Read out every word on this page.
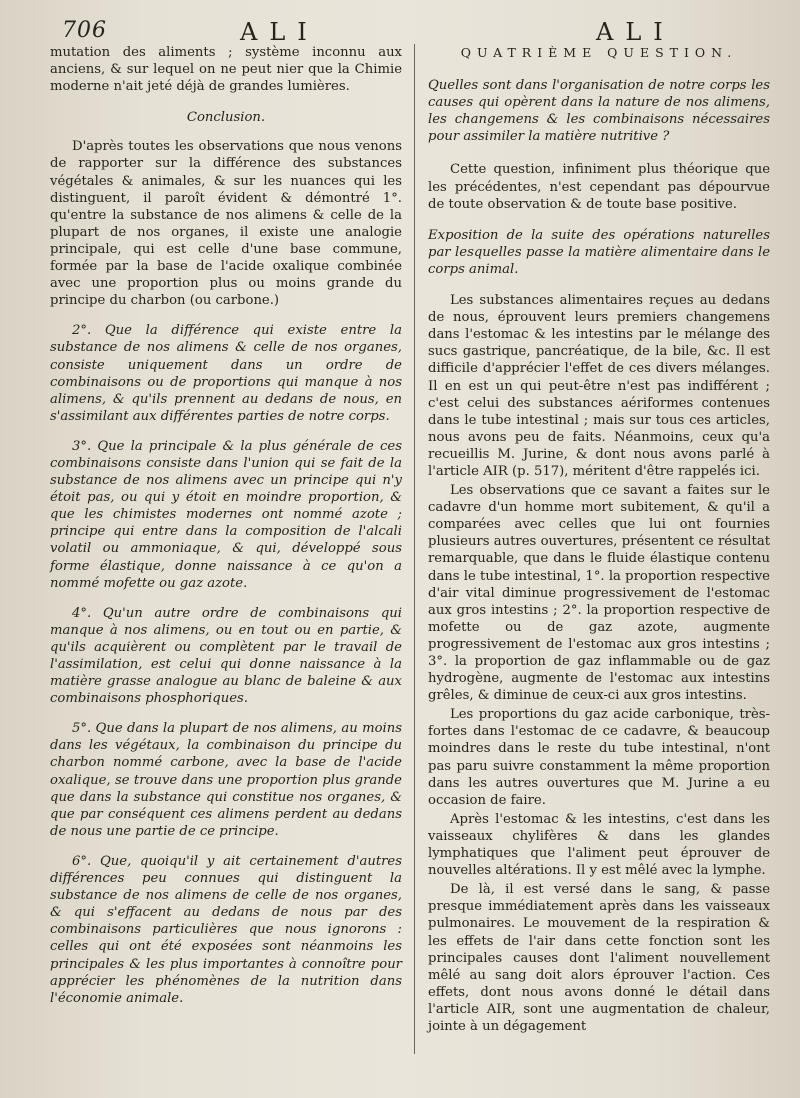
706	ALI	ALI

mutation des aliments ; système inconnu aux anciens, & sur lequel on ne peut nier que la Chimie moderne n'ait jeté déjà de grandes lumières.

Conclusion.

D'après toutes les observations que nous venons de rapporter sur la différence des substances végétales & animales, & sur les nuances qui les distinguent, il paroît évident & démontré 1°. qu'entre la substance de nos alimens & celle de la plupart de nos organes, il existe une analogie principale, qui est celle d'une base commune, formée par la base de l'acide oxalique combinée avec une proportion plus ou moins grande du principe du charbon (ou carbone.)

2°. Que la différence qui existe entre la substance de nos alimens & celle de nos organes, consiste uniquement dans un ordre de combinaisons ou de proportions qui manque à nos alimens, & qu'ils prennent au dedans de nous, en s'assimilant aux différentes parties de notre corps.

3°. Que la principale & la plus générale de ces combinaisons consiste dans l'union qui se fait de la substance de nos alimens avec un principe qui n'y étoit pas, ou qui y étoit en moindre proportion, & que les chimistes modernes ont nommé azote ; principe qui entre dans la composition de l'alcali volatil ou ammoniaque, & qui, développé sous forme élastique, donne naissance à ce qu'on a nommé mofette ou gaz azote.

4°. Qu'un autre ordre de combinaisons qui manque à nos alimens, ou en tout ou en partie, & qu'ils acquièrent ou complètent par le travail de l'assimilation, est celui qui donne naissance à la matière grasse analogue au blanc de baleine & aux combinaisons phosphoriques.

5°. Que dans la plupart de nos alimens, au moins dans les végétaux, la combinaison du principe du charbon nommé carbone, avec la base de l'acide oxalique, se trouve dans une proportion plus grande que dans la substance qui constitue nos organes, & que par conséquent ces alimens perdent au dedans de nous une partie de ce principe.

6°. Que, quoiqu'il y ait certainement d'autres différences peu connues qui distinguent la substance de nos alimens de celle de nos organes, & qui s'effacent au dedans de nous par des combinaisons particulières que nous ignorons : celles qui ont été exposées sont néanmoins les principales & les plus importantes à connoître pour apprécier les phénomènes de la nutrition dans l'économie animale.

QUATRIÈME QUESTION.

Quelles sont dans l'organisation de notre corps les causes qui opèrent dans la nature de nos alimens, les changemens & les combinaisons nécessaires pour assimiler la matière nutritive ?

Cette question, infiniment plus théorique que les précédentes, n'est cependant pas dépourvue de toute observation & de toute base positive.

Exposition de la suite des opérations naturelles par lesquelles passe la matière alimentaire dans le corps animal.

Les substances alimentaires reçues au dedans de nous, éprouvent leurs premiers changemens dans l'estomac & les intestins par le mélange des sucs gastrique, pancréatique, de la bile, &c. Il est difficile d'apprécier l'effet de ces divers mélanges. Il en est un qui peut-être n'est pas indifférent ; c'est celui des substances aériformes contenues dans le tube intestinal ; mais sur tous ces articles, nous avons peu de faits. Néanmoins, ceux qu'a recueillis M. Jurine, & dont nous avons parlé à l'article AIR (p. 517), méritent d'être rappelés ici.

Les observations que ce savant a faites sur le cadavre d'un homme mort subitement, & qu'il a comparées avec celles que lui ont fournies plusieurs autres ouvertures, présentent ce résultat remarquable, que dans le fluide élastique contenu dans le tube intestinal, 1°. la proportion respective d'air vital diminue progressivement de l'estomac aux gros intestins ; 2°. la proportion respective de mofette ou de gaz azote, augmente progressivement de l'estomac aux gros intestins ; 3°. la proportion de gaz inflammable ou de gaz hydrogène, augmente de l'estomac aux intestins grêles, & diminue de ceux-ci aux gros intestins.

Les proportions du gaz acide carbonique, très-fortes dans l'estomac de ce cadavre, & beaucoup moindres dans le reste du tube intestinal, n'ont pas paru suivre constamment la même proportion dans les autres ouvertures que M. Jurine a eu occasion de faire.

Après l'estomac & les intestins, c'est dans les vaisseaux chylifères & dans les glandes lymphatiques que l'aliment peut éprouver de nouvelles altérations. Il y est mêlé avec la lymphe.

De là, il est versé dans le sang, & passe presque immédiatement après dans les vaisseaux pulmonaires. Le mouvement de la respiration & les effets de l'air dans cette fonction sont les principales causes dont l'aliment nouvellement mêlé au sang doit alors éprouver l'action. Ces effets, dont nous avons donné le détail dans l'article AIR, sont une augmentation de chaleur, jointe à un dégagement
